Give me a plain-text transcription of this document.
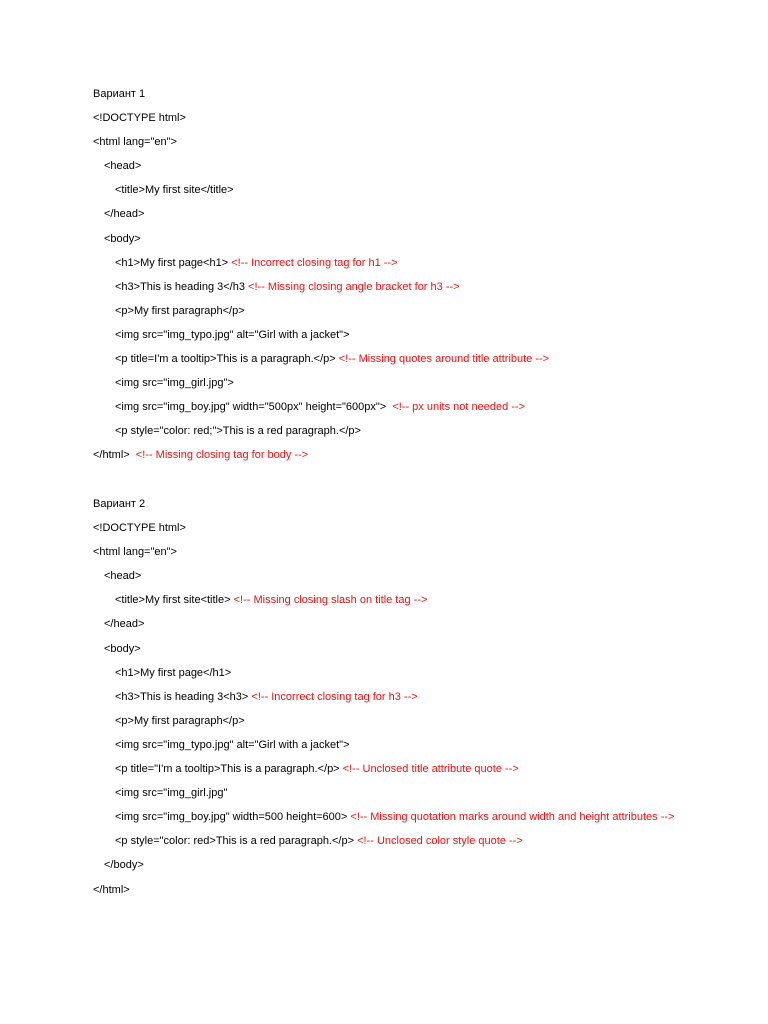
Вариант 1
<!DOCTYPE html>
<html lang="en">
<head>
<title>My first site</title>
</head>
<body>
<h1>My first page<h1> <!-- Incorrect closing tag for h1 -->
<h3>This is heading 3</h3 <!-- Missing closing angle bracket for h3 -->
<p>My first paragraph</p>
<img src="img_typo.jpg" alt="Girl with a jacket">
<p title=I'm a tooltip>This is a paragraph.</p> <!-- Missing quotes around title attribute -->
<img src="img_girl.jpg">
<img src="img_boy.jpg" width="500px" height="600px">  <!-- px units not needed -->
<p style="color: red;">This is a red paragraph.</p>
</html>  <!-- Missing closing tag for body -->
Вариант 2
<!DOCTYPE html>
<html lang="en">
<head>
<title>My first site<title> <!-- Missing closing slash on title tag -->
</head>
<body>
<h1>My first page</h1>
<h3>This is heading 3<h3> <!-- Incorrect closing tag for h3 -->
<p>My first paragraph</p>
<img src="img_typo.jpg" alt="Girl with a jacket">
<p title="I'm a tooltip>This is a paragraph.</p> <!-- Unclosed title attribute quote -->
<img src="img_girl.jpg"
<img src="img_boy.jpg" width=500 height=600> <!-- Missing quotation marks around width and height attributes -->
<p style="color: red>This is a red paragraph.</p> <!-- Unclosed color style quote -->
</body>
</html>
